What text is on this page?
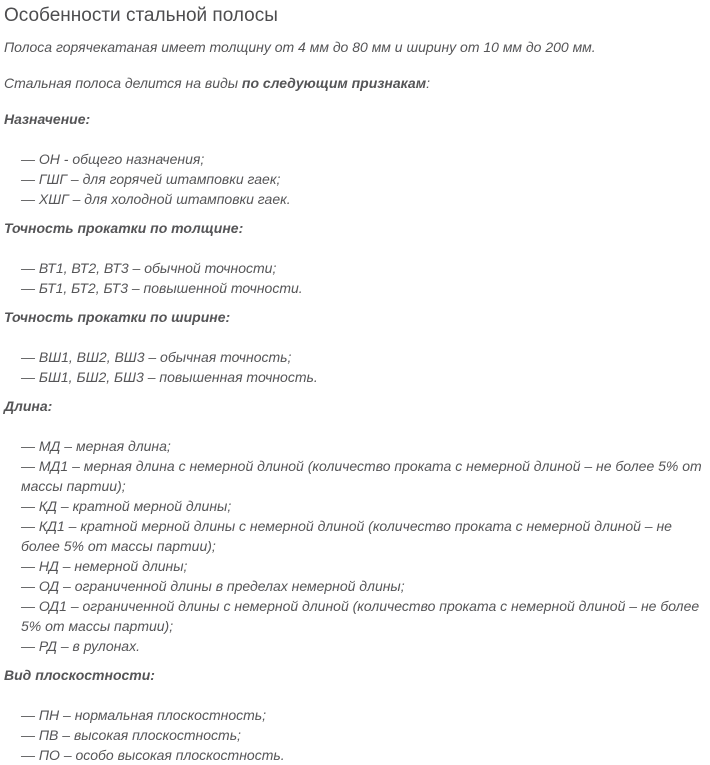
Особенности стальной полосы

Полоса горячекатаная имеет толщину от 4 мм до 80 мм и ширину от 10 мм до 200 мм.

Стальная полоса делится на виды по следующим признакам:

Назначение:

— ОН - общего назначения;
— ГШГ – для горячей штамповки гаек;
— ХШГ – для холодной штамповки гаек.

Точность прокатки по толщине:

— ВТ1, ВТ2, ВТ3 – обычной точности;
— БТ1, БТ2, БТ3 – повышенной точности.

Точность прокатки по ширине:

— ВШ1, ВШ2, ВШ3 – обычная точность;
— БШ1, БШ2, БШ3 – повышенная точность.

Длина:

— МД – мерная длина;
— МД1 – мерная длина с немерной длиной (количество проката с немерной длиной – не более 5% от массы партии);
— КД – кратной мерной длины;
— КД1 – кратной мерной длины с немерной длиной (количество проката с немерной длиной – не более 5% от массы партии);
— НД – немерной длины;
— ОД – ограниченной длины в пределах немерной длины;
— ОД1 – ограниченной длины с немерной длиной (количество проката с немерной длиной – не более 5% от массы партии);
— РД – в рулонах.

Вид плоскостности:

— ПН – нормальная плоскостность;
— ПВ – высокая плоскостность;
— ПО – особо высокая плоскостность.
